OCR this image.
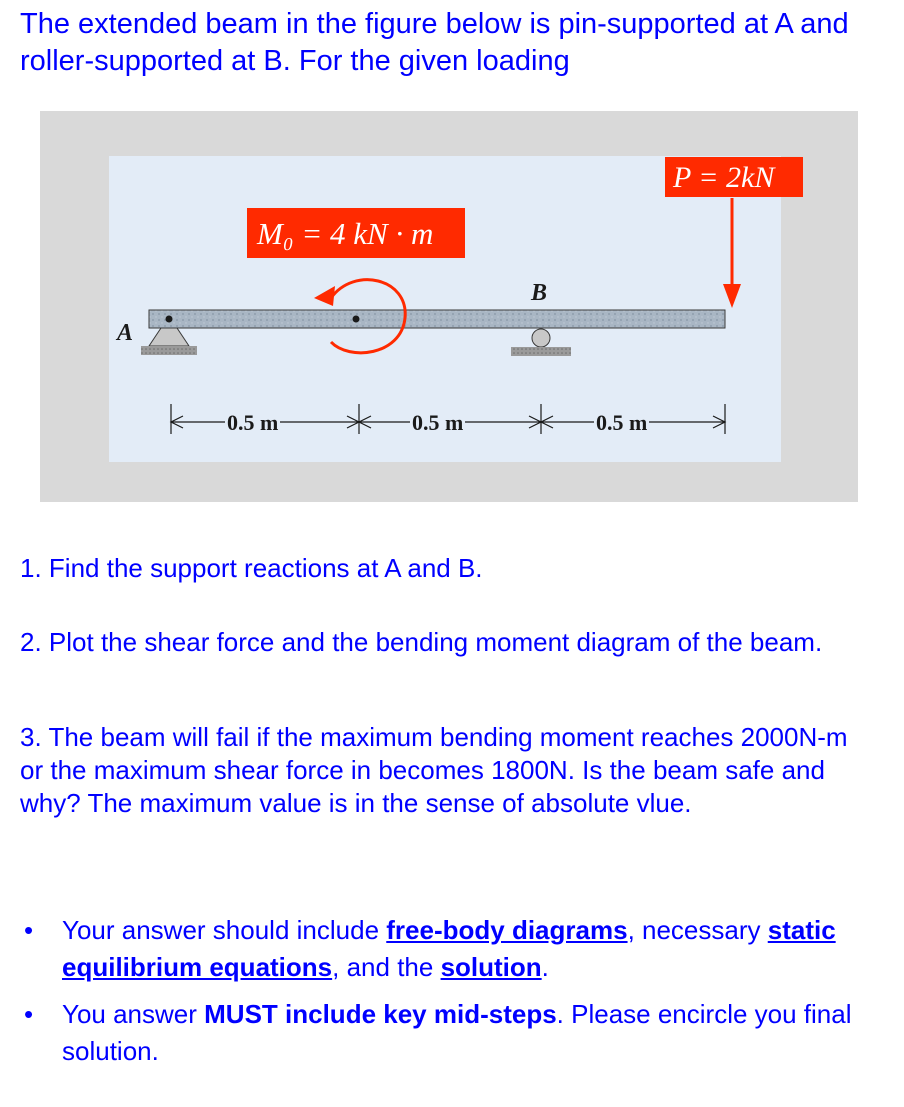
The extended beam in the figure below is pin-supported at A and roller-supported at B. For the given loading

0.5 m	0.5 m	0.5 m
A
B
P = 2kN
M₀ = 4 kN · m

1. Find the support reactions at A and B.

2. Plot the shear force and the bending moment diagram of the beam.

3. The beam will fail if the maximum bending moment reaches 2000N-m or the maximum shear force in becomes 1800N. Is the beam safe and why? The maximum value is in the sense of absolute vlue.

• Your answer should include free-body diagrams, necessary static equilibrium equations, and the solution.
• You answer MUST include key mid-steps. Please encircle you final solution.
